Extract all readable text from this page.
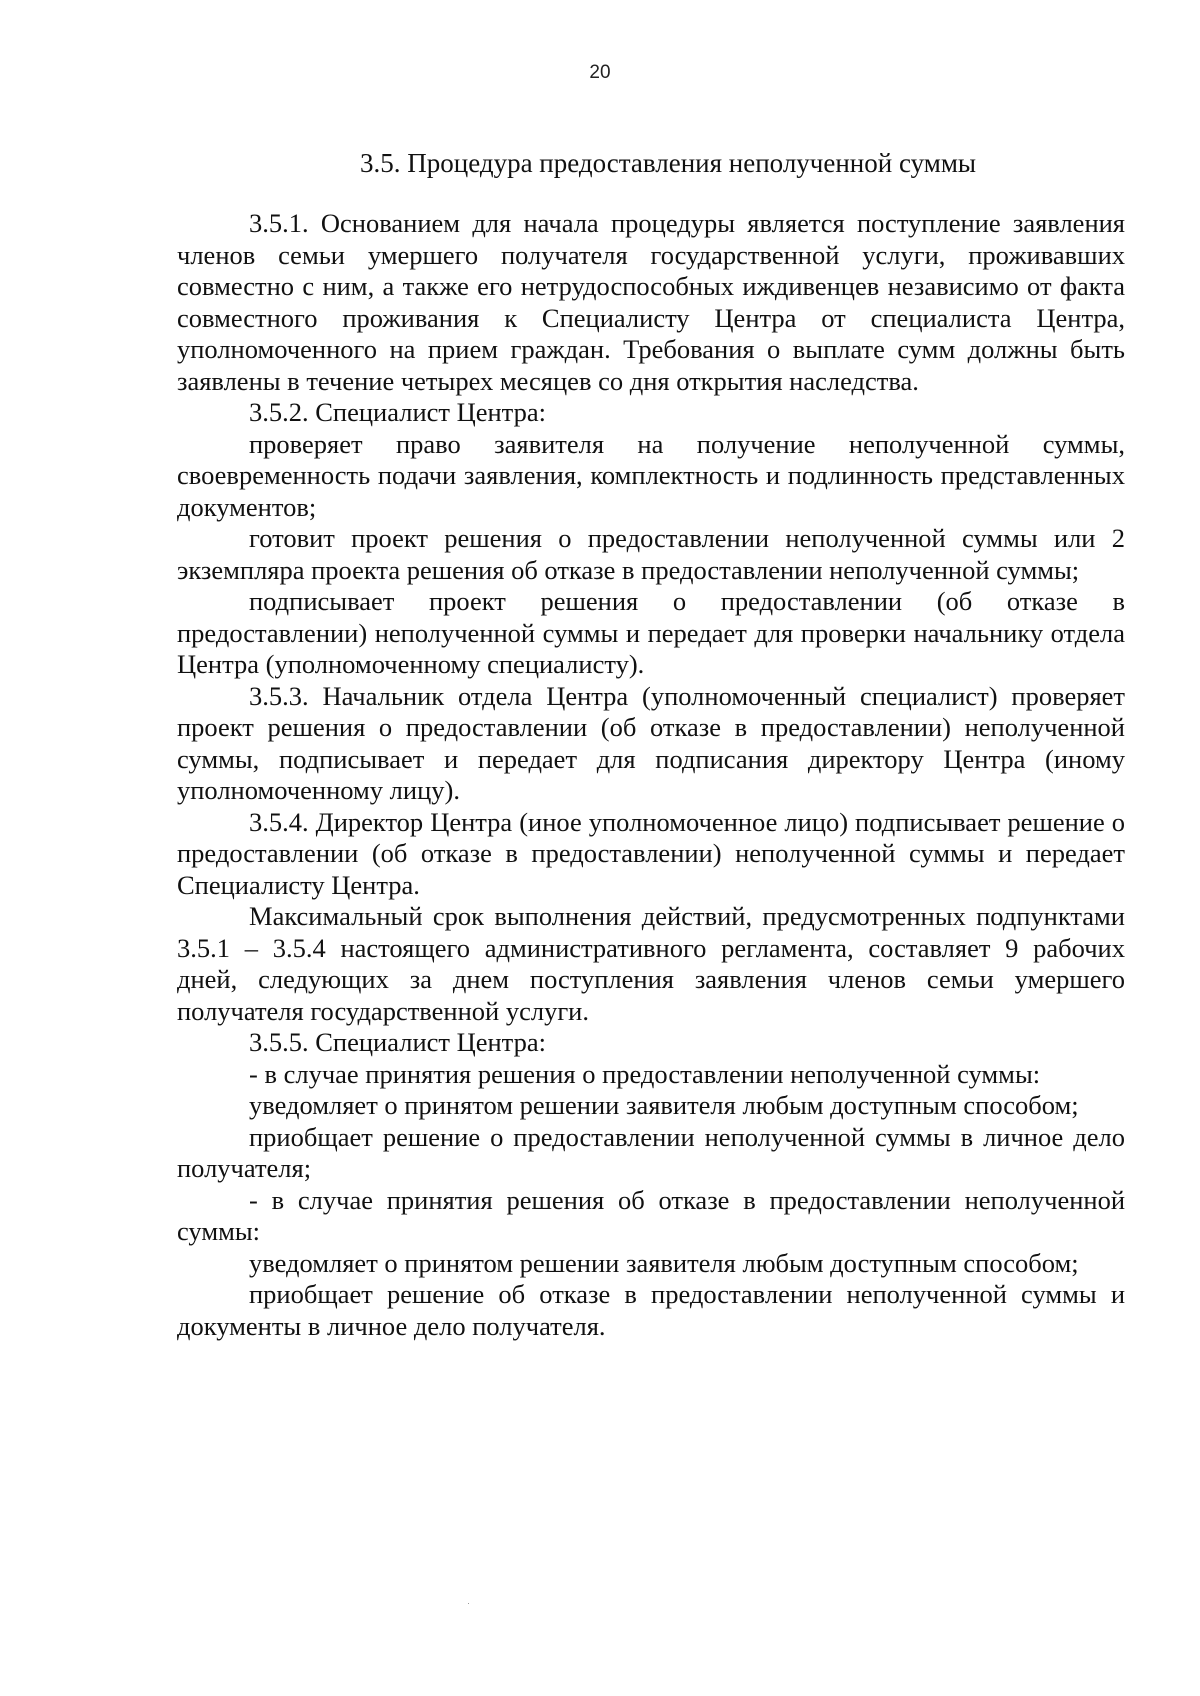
20
3.5. Процедура предоставления неполученной суммы

3.5.1. Основанием для начала процедуры является поступление заявления членов семьи умершего получателя государственной услуги, проживавших совместно с ним, а также его нетрудоспособных иждивенцев независимо от факта совместного проживания к Специалисту Центра от специалиста Центра, уполномоченного на прием граждан. Требования о выплате сумм должны быть заявлены в течение четырех месяцев со дня открытия наследства.

3.5.2. Специалист Центра:

проверяет право заявителя на получение неполученной суммы, своевременность подачи заявления, комплектность и подлинность представленных документов;

готовит проект решения о предоставлении неполученной суммы или 2 экземпляра проекта решения об отказе в предоставлении неполученной суммы;

подписывает проект решения о предоставлении (об отказе в предоставлении) неполученной суммы и передает для проверки начальнику отдела Центра (уполномоченному специалисту).

3.5.3. Начальник отдела Центра (уполномоченный специалист) проверяет проект решения о предоставлении (об отказе в предоставлении) неполученной суммы, подписывает и передает для подписания директору Центра (иному уполномоченному лицу).

3.5.4. Директор Центра (иное уполномоченное лицо) подписывает решение о предоставлении (об отказе в предоставлении) неполученной суммы и передает Специалисту Центра.

Максимальный срок выполнения действий, предусмотренных подпунктами 3.5.1 – 3.5.4 настоящего административного регламента, составляет 9 рабочих дней, следующих за днем поступления заявления членов семьи умершего получателя государственной услуги.

3.5.5. Специалист Центра:

- в случае принятия решения о предоставлении неполученной суммы:

уведомляет о принятом решении заявителя любым доступным способом;

приобщает решение о предоставлении неполученной суммы в личное дело получателя;

- в случае принятия решения об отказе в предоставлении неполученной суммы:

уведомляет о принятом решении заявителя любым доступным способом;

приобщает решение об отказе в предоставлении неполученной суммы и документы в личное дело получателя.
